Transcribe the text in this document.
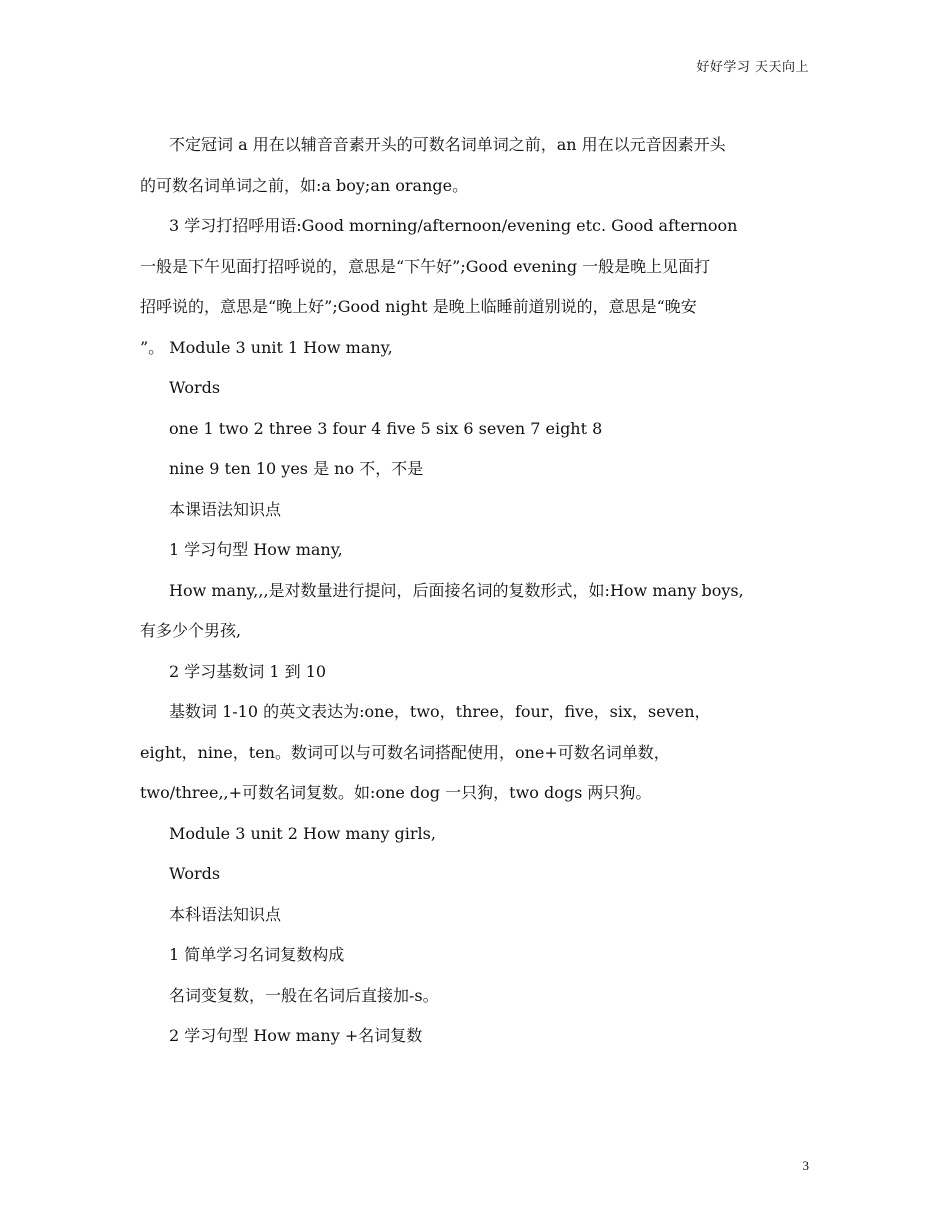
好好学习 天天向上

不定冠词 a 用在以辅音音素开头的可数名词单词之前，an 用在以元音因素开头

的可数名词单词之前，如:a boy;an orange。

3 学习打招呼用语:Good morning/afternoon/evening etc. Good afternoon

一般是下午见面打招呼说的，意思是“下午好”;Good evening 一般是晚上见面打

招呼说的，意思是“晚上好”;Good night 是晚上临睡前道别说的，意思是“晚安

”。 Module 3 unit 1 How many,

Words

one 1 two 2 three 3 four 4 five 5 six 6 seven 7 eight 8

nine 9 ten 10 yes 是 no 不，不是

本课语法知识点

1 学习句型 How many,

How many,,,是对数量进行提问，后面接名词的复数形式，如:How many boys,

有多少个男孩,

2 学习基数词 1 到 10

基数词 1-10 的英文表达为:one，two，three，four，five，six，seven，

eight，nine，ten。数词可以与可数名词搭配使用，one+可数名词单数，

two/three,,+可数名词复数。如:one dog 一只狗，two dogs 两只狗。

Module 3 unit 2 How many girls,

Words

本科语法知识点

1 简单学习名词复数构成

名词变复数，一般在名词后直接加-s。

2 学习句型 How many +名词复数

3
